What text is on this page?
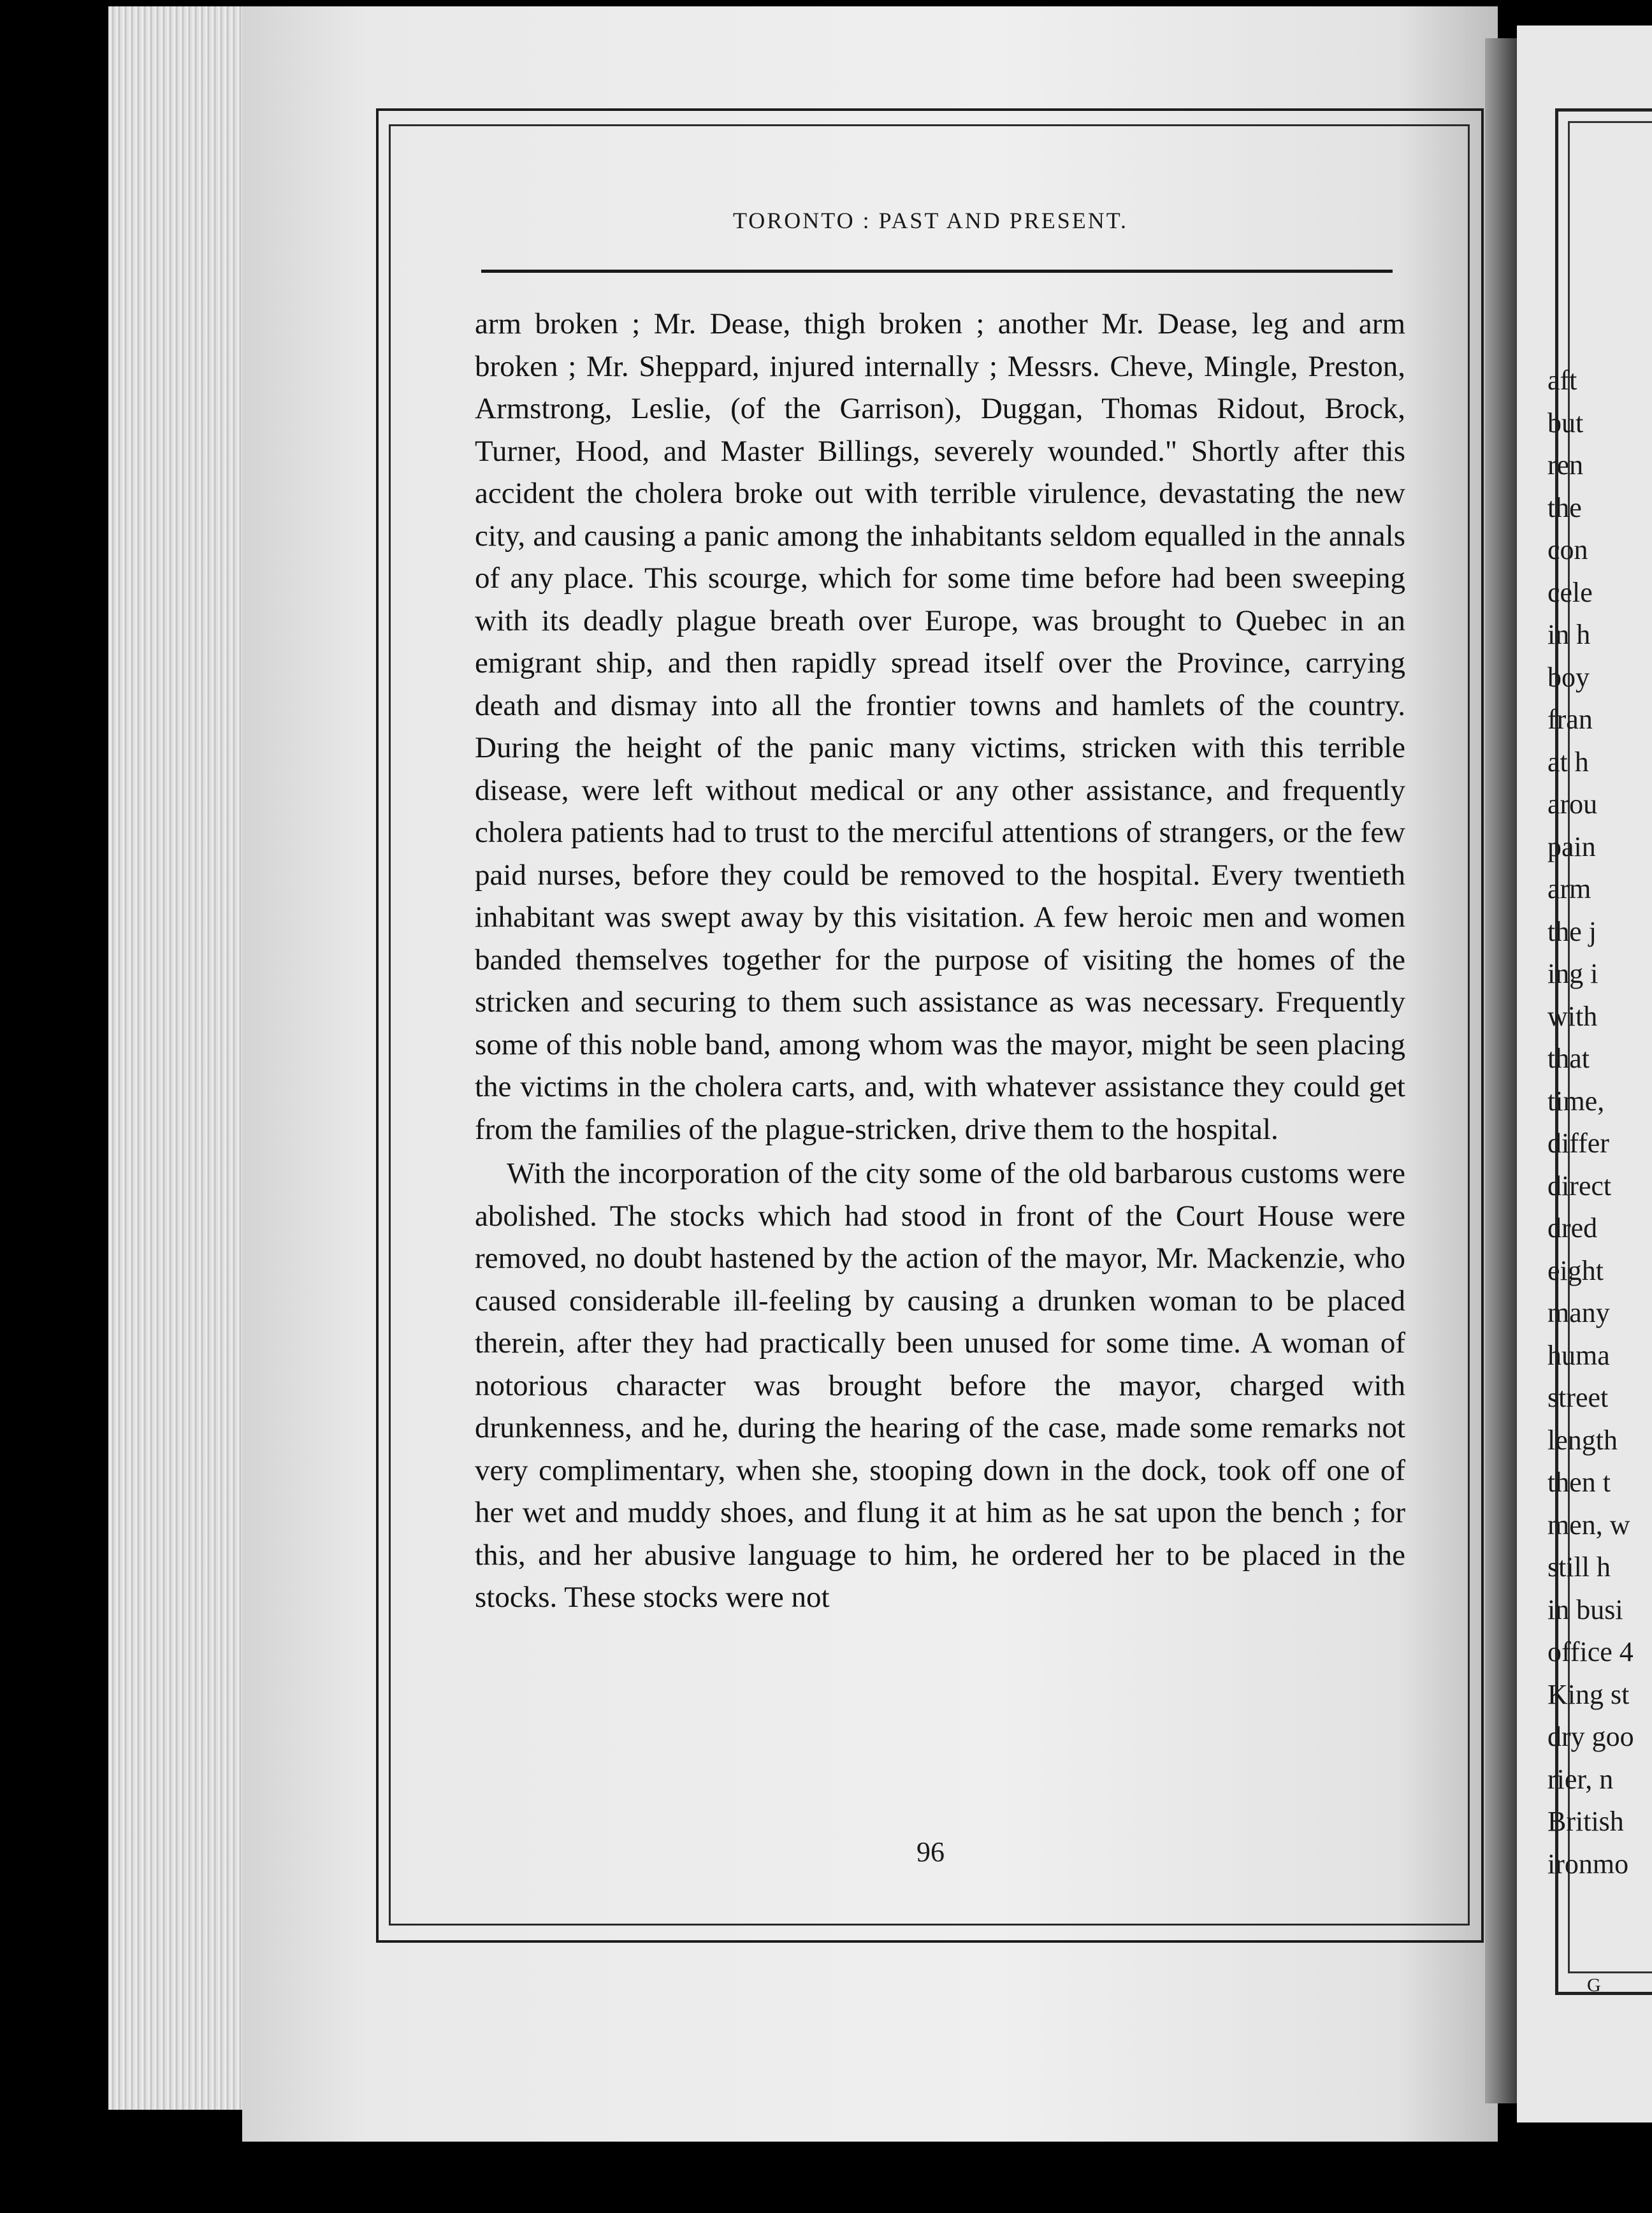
aft
but
ren
the
con
cele
in h
boy
fran
at h
arou
pain
arm
the j
ing i
with
that
time,
differ
direct
dred
eight
many
huma
street
length
then t
men, w
still h
in busi
office 4
King st
dry goo
rier, n
British
ironmo
G
TORONTO : PAST AND PRESENT.

arm broken ; Mr. Dease, thigh broken ; another Mr. Dease, leg and arm broken ; Mr. Sheppard, injured internally ; Messrs. Cheve, Mingle, Preston, Armstrong, Leslie, (of the Garrison), Duggan, Thomas Ridout, Brock, Turner, Hood, and Master Billings, severely wounded." Shortly after this accident the cholera broke out with terrible virulence, devastating the new city, and causing a panic among the inhabitants seldom equalled in the annals of any place. This scourge, which for some time before had been sweeping with its deadly plague breath over Europe, was brought to Quebec in an emigrant ship, and then rapidly spread itself over the Province, carrying death and dismay into all the frontier towns and hamlets of the country. During the height of the panic many victims, stricken with this terrible disease, were left without medical or any other assistance, and frequently cholera patients had to trust to the merciful attentions of strangers, or the few paid nurses, before they could be removed to the hospital. Every twentieth inhabitant was swept away by this visitation. A few heroic men and women banded themselves together for the purpose of visiting the homes of the stricken and securing to them such assistance as was necessary. Frequently some of this noble band, among whom was the mayor, might be seen placing the victims in the cholera carts, and, with whatever assistance they could get from the families of the plague-stricken, drive them to the hospital.

With the incorporation of the city some of the old barbarous customs were abolished. The stocks which had stood in front of the Court House were removed, no doubt hastened by the action of the mayor, Mr. Mackenzie, who caused considerable ill-feeling by causing a drunken woman to be placed therein, after they had practically been unused for some time. A woman of notorious character was brought before the mayor, charged with drunkenness, and he, during the hearing of the case, made some remarks not very complimentary, when she, stooping down in the dock, took off one of her wet and muddy shoes, and flung it at him as he sat upon the bench ; for this, and her abusive language to him, he ordered her to be placed in the stocks. These stocks were not

96
